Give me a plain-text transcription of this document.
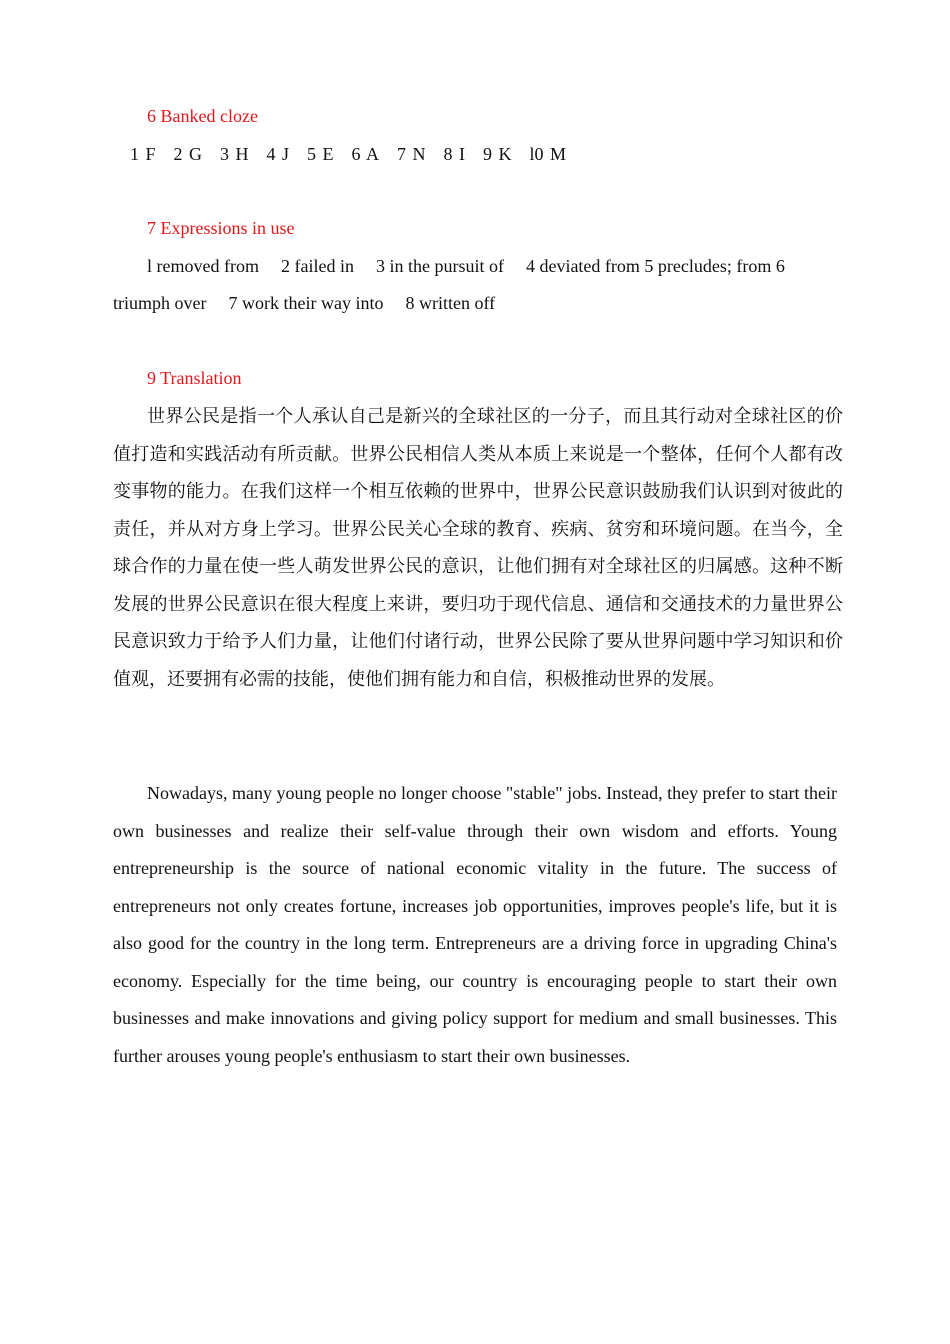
6 Banked cloze
1 F 2 G 3 H 4 J 5 E 6 A 7 N 8 I 9 K l0 M
7 Expressions in use
l removed from 2 failed in 3 in the pursuit of 4 deviated from 5 precludes; from 6
triumph over 7 work their way into 8 written off
9 Translation

世界公民是指一个人承认自己是新兴的全球社区的一分子，而且其行动对全球社区的价值打造和实践活动有所贡献。世界公民相信人类从本质上来说是一个整体，任何个人都有改变事物的能力。在我们这样一个相互依赖的世界中，世界公民意识鼓励我们认识到对彼此的责任，并从对方身上学习。世界公民关心全球的教育、疾病、贫穷和环境问题。在当今，全球合作的力量在使一些人萌发世界公民的意识，让他们拥有对全球社区的归属感。这种不断发展的世界公民意识在很大程度上来讲，要归功于现代信息、通信和交通技术的力量世界公民意识致力于给予人们力量，让他们付诸行动，世界公民除了要从世界问题中学习知识和价值观，还要拥有必需的技能，使他们拥有能力和自信，积极推动世界的发展。

Nowadays, many young people no longer choose "stable" jobs. Instead, they prefer to start their own businesses and realize their self-value through their own wisdom and efforts. Young entrepreneurship is the source of national economic vitality in the future. The success of entrepreneurs not only creates fortune, increases job opportunities, improves people's life, but it is also good for the country in the long term. Entrepreneurs are a driving force in upgrading China's economy. Especially for the time being, our country is encouraging people to start their own businesses and make innovations and giving policy support for medium and small businesses. This further arouses young people's enthusiasm to start their own businesses.
